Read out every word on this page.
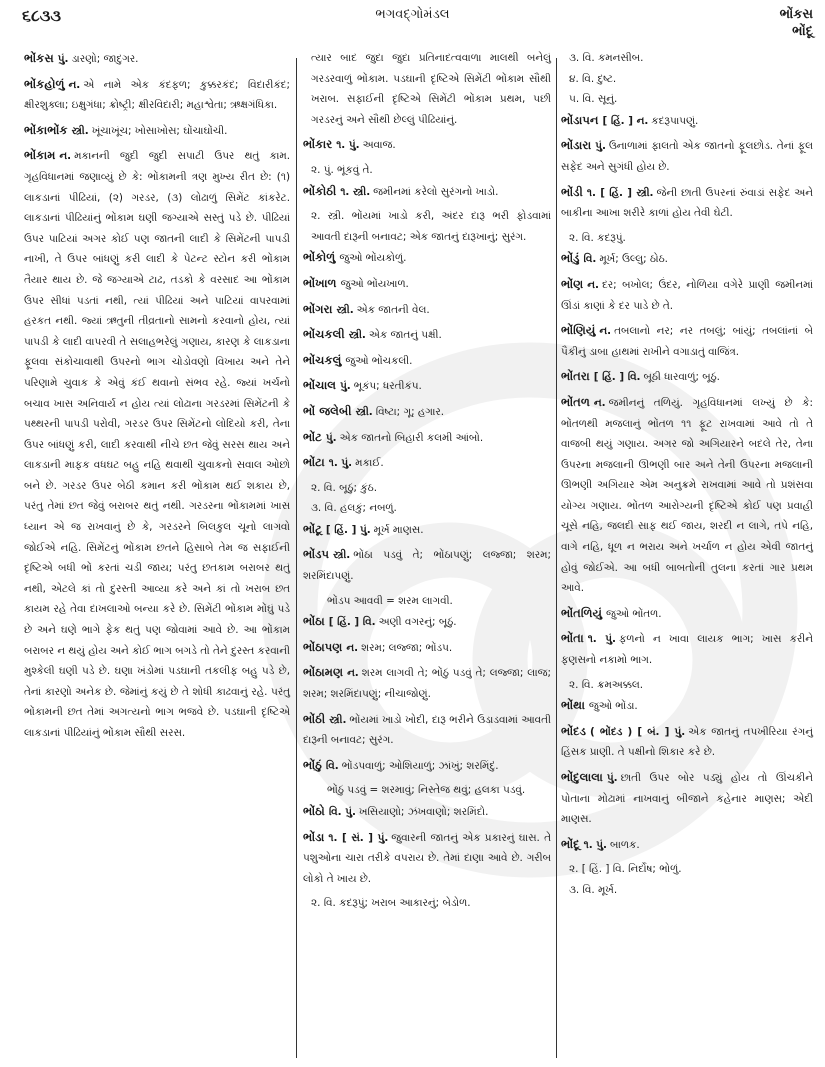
૬૮૩૩	ભગવદ્ગોમંડલ	ભોંકસ
ભોંદૂ

ભોંકસ પું. ડારણો; જાદુગર.

ભોંકહોળું ન. એ નામે એક કંદફળ; કુક્કરકંદ; વિદારીકંદ; ક્ષીરશુક્લા; ઇક્ષુગંધા; ક્રોષ્ટ્રી; ક્ષીરવિદારી; મહાશ્વેતા; ઋક્ષગંધિકા.

ભોંકાભોંક સ્ત્રી. ખૂંચાખૂંચ; ખોસાખોસ; ઘોંચાઘોંચી.

ભોંકામ ન. મકાનની જુદી જુદી સપાટી ઉપર થતું કામ. ગૃહવિધાનમાં જણાવ્યું છે કે: ભોંકામની ત્રણ મુખ્ય રીત છે: (૧) લાકડાનાં પીઢિયાં, (૨) ગરડર, (૩) લોઢાળું સિમેંટ કાંકરેટ. લાકડાનાં પીઢિયાંનું ભોંકામ ઘણી જગ્યાએ સસ્તું પડે છે. પીઢિયાં ઉપર પાટિયાં અગર કોઈ પણ જાતની લાદી કે સિમેંટની પાપડી નાખી, તે ઉપર બાંધણું કરી લાદી કે પેટન્ટ સ્ટોન કરી ભોંકામ તૈયાર થાય છે. જે જગ્યાએ ટાઢ, તડકો કે વરસાદ આ ભોંકામ ઉપર સીધાં પડતાં નથી, ત્યાં પીઢિયાં અને પાટિયાં વાપરવામાં હરકત નથી. જ્યાં ઋતુની તીવ્રતાનો સામનો કરવાનો હોય, ત્યાં પાપડી કે લાદી વાપરવી તે સલાહભરેલું ગણાય, કારણ કે લાકડાના ફૂલવા સંકોચાવાથી ઉપરનો ભાગ ચોડોવણો વિખાય અને તેને પરિણામે ચુવાક કે એવું કંઈ થવાનો સંભવ રહે. જ્યાં ખર્ચનો બચાવ ખાસ અનિવાર્ય ન હોય ત્યાં લોઢાના ગરડરમાં સિમેંટની કે પથ્થરની પાપડી પરોવી, ગરડર ઉપર સિમેંટનો લોદિયો કરી, તેના ઉપર બાંધણું કરી, લાદી કરવાથી નીચે છત જેવું સરસ થાય અને લાકડાની માફક વધઘટ બહુ નહિ થવાથી ચુવાકનો સવાલ ઓછો બને છે. ગરડર ઉપર બેઠી કમાન કરી ભોંકામ થઈ શકાય છે, પરંતુ તેમાં છત જેવું બરાબર થતું નથી. ગરડરના ભોંકામમાં ખાસ ધ્યાન એ જ રાખવાનું છે કે, ગરડરને બિલકુલ ચૂનો લાગવો જોઈએ નહિ. સિમેંટનું ભોંકામ છતને હિસાબે તેમ જ સફાઈની દૃષ્ટિએ બધી ભોં કરતાં ચડી જાય; પરંતુ છતકામ બરાબર થતું નથી, એટલે કાં તો દુરસ્તી આવ્યા કરે અને કાં તો ખરાબ છત કાયમ રહે તેવા દાખલાઓ બન્યા કરે છે. સિમેંટી ભોંકામ મોંઘું પડે છે અને ઘણે ભાગે ફેક થતું પણ જોવામાં આવે છે. આ ભોંકામ બરાબર ન થયું હોય અને કોઈ ભાગ બગડે તો તેને દુરસ્ત કરવાની મુશ્કેલી ઘણી પડે છે. ઘણા ખંડોમાં પડઘાની તકલીફ બહુ પડે છે, તેનાં કારણો અનેક છે. જેમાંનું કયું છે તે શોધી કાઢવાનું રહે. પરંતુ ભોંકામની છત તેમાં અગત્યનો ભાગ ભજવે છે. પડઘાની દૃષ્ટિએ લાકડાનાં પીઢિયાંનું ભોંકામ સૌથી સરસ.

ત્યાર બાદ જુદા જુદા પ્રતિનાદત્વવાળા માલથી બનેલું ગરડરવાળું ભોંકામ. પડઘાની દૃષ્ટિએ સિમેંટી ભોંકામ સૌથી ખરાબ. સફાઈની દૃષ્ટિએ સિમેંટી ભોંકામ પ્રથમ, પછી ગરડરનું અને સૌથી છેલ્લું પીઢિયાંનું.

ભોંકાર ૧. પું. અવાજ.

૨. પું. ભૂંકવું તે.

ભોંકોઠી ૧. સ્ત્રી. જમીનમાં કરેલો સુરંગનો ખાડો.

૨. સ્ત્રી. ભોંયમાં ખાડો કરી, અંદર દારૂ ભરી ફોડવામાં આવતી દારૂની બનાવટ; એક જાતનું દારૂખાનું; સુરંગ.

ભોંકોળું જુઓ ભોંયકોળું.

ભોંખાળ જુઓ ભોંયખાળ.

ભોંગરા સ્ત્રી. એક જાતની વેલ.

ભોંચકલી સ્ત્રી. એક જાતનું પક્ષી.

ભોંચકલું જુઓ ભોંચકલી.

ભોંચાલ પું. ભૂકંપ; ધરતીકંપ.

ભોં જલેબી સ્ત્રી. વિષ્ટા; ગૂ; હગાર.

ભોંટ પું. એક જાતનો બિહારી કલમી આંબો.

ભોંટા ૧. પું. મકાઈ.

૨. વિ. બૂઠું; કુંઠ.

૩. વિ. હલકું; નબળું.

ભોંટૂ [ હિં. ] પું. મૂર્ખ માણસ.

ભોંડપ સ્ત્રી. ભોંઠા પડવું તે; ભોંઠાપણું; લજ્જા; શરમ; શરમિંદાપણું.

ભોંડપ આવવી = શરમ લાગવી.

ભોંઠા [ હિં. ] વિ. અણી વગરનું; બૂઠું.

ભોંઠાપણ ન. શરમ; લજ્જા; ભોંડપ.

ભોંઠામણ ન. શરમ લાગવી તે; ભોંઠું પડવું તે; લજ્જા; લાજ; શરમ; શરમિંદાપણું; નીચાજોણું.

ભોંઠી સ્ત્રી. ભોંયમાં ખાડો ખોદી, દારૂ ભરીને ઉડાડવામાં આવતી દારૂની બનાવટ; સુરંગ.

ભોંઠું વિ. ભોંડપવાળું; ઓશિયાળું; ઝાંખું; શરમિંદું.

ભોંઠું પડવું = શરમાવું; નિસ્તેજ થવું; હલકા પડવું.

ભોંઠો વિ. પું. ખસિયાણો; ઝંખવાણો; શરમિંદો.

ભોંડા ૧. [ સં. ] પું. જુવારની જાતનું એક પ્રકારનું ઘાસ. તે પશુઓના ચારા તરીકે વપરાય છે. તેમાં દાણા આવે છે. ગરીબ લોકો તે ખાય છે.

૨. વિ. કદરૂપું; ખરાબ આકારનું; બેડોળ.

૩. વિ. કમનસીબ.

૪. વિ. દુષ્ટ.

૫. વિ. સૂનું.

ભોંડાપન [ હિં. ] ન. કદરૂપાપણું.

ભોંડારા પું. ઉનાળામાં ફાલતો એક જાતનો ફૂલછોડ. તેનાં ફૂલ સફેદ અને સુગંધી હોય છે.

ભોંડી ૧. [ હિં. ] સ્ત્રી. જેની છાતી ઉપરનાં રુંવાડાં સફેદ અને બાકીના આખા શરીરે કાળાં હોય તેવી ઘેટી.

૨. વિ. કદરૂપું.

ભોંડું વિ. મૂર્ખ; ઉલ્લુ; ઠોઠ.

ભોંણ ન. દર; બખોલ; ઉંદર, નોળિયા વગેરે પ્રાણી જમીનમાં ઊંડાં કાણાં કે દર પાડે છે તે.

ભોંણિયું ન. તબલાનો નર; નર તબલું; બાંયું; તબલાંનાં બે પૈકીનું ડાબા હાથમાં રાખીને વગાડાતું વાજિંત્ર.

ભોંતરા [ હિં. ] વિ. બૂઠી ધારવાળું; બૂઠું.

ભોંતળ ન. જમીનનું તળિયું. ગૃહવિધાનમાં લખ્યું છે કે: ભોંતળથી મજલાનું ભોંતળ ૧૧ ફૂટ રાખવામાં આવે તો તે વાજબી થયું ગણાય. અગર જો અગિયારને બદલે તેર, તેના ઉપરના મજલાની ઊભણી બાર અને તેની ઉપરના મજલાની ઊભણી અગિયાર એમ અનુક્રમે રાખવામાં આવે તો પ્રશંસવા યોગ્ય ગણાય. ભોંતળ આરોગ્યની દૃષ્ટિએ કોઈ પણ પ્રવાહી ચૂસે નહિ, જલદી સાફ થઈ જાય, શરદી ન લાગે, તપે નહિ, વાગે નહિ, ધૂળ ન ભરાય અને ખર્ચાળ ન હોય એવી જાતનું હોવું જોઈએ. આ બધી બાબતોની તુલના કરતાં ગાર પ્રથમ આવે.

ભોંતળિયું જુઓ ભોંતળ.

ભોંતા ૧. પું. ફળનો ન ખાવા લાયક ભાગ; ખાસ કરીને ફણસનો નકામો ભાગ.

૨. વિ. ક્રમઅક્કલ.

ભોંથા જુઓ ભોંડા.

ભોંદડ ( ભોંદડ ) [ બં. ] પું. એક જાતનું તપખીરિયા રંગનું હિંસક પ્રાણી. તે પક્ષીનો શિકાર કરે છે.

ભોંદુલાલા પું. છાતી ઉપર બોર પડ્યું હોય તો ઊંચકીને પોતાના મોઢામાં નાખવાનું બીજાને કહેનાર માણસ; એદી માણસ.

ભોંદૂ ૧. પું. બાળક.

૨. [ હિં. ] વિ. નિર્દોષ; ભોળું.

૩. વિ. મૂર્ખ.
